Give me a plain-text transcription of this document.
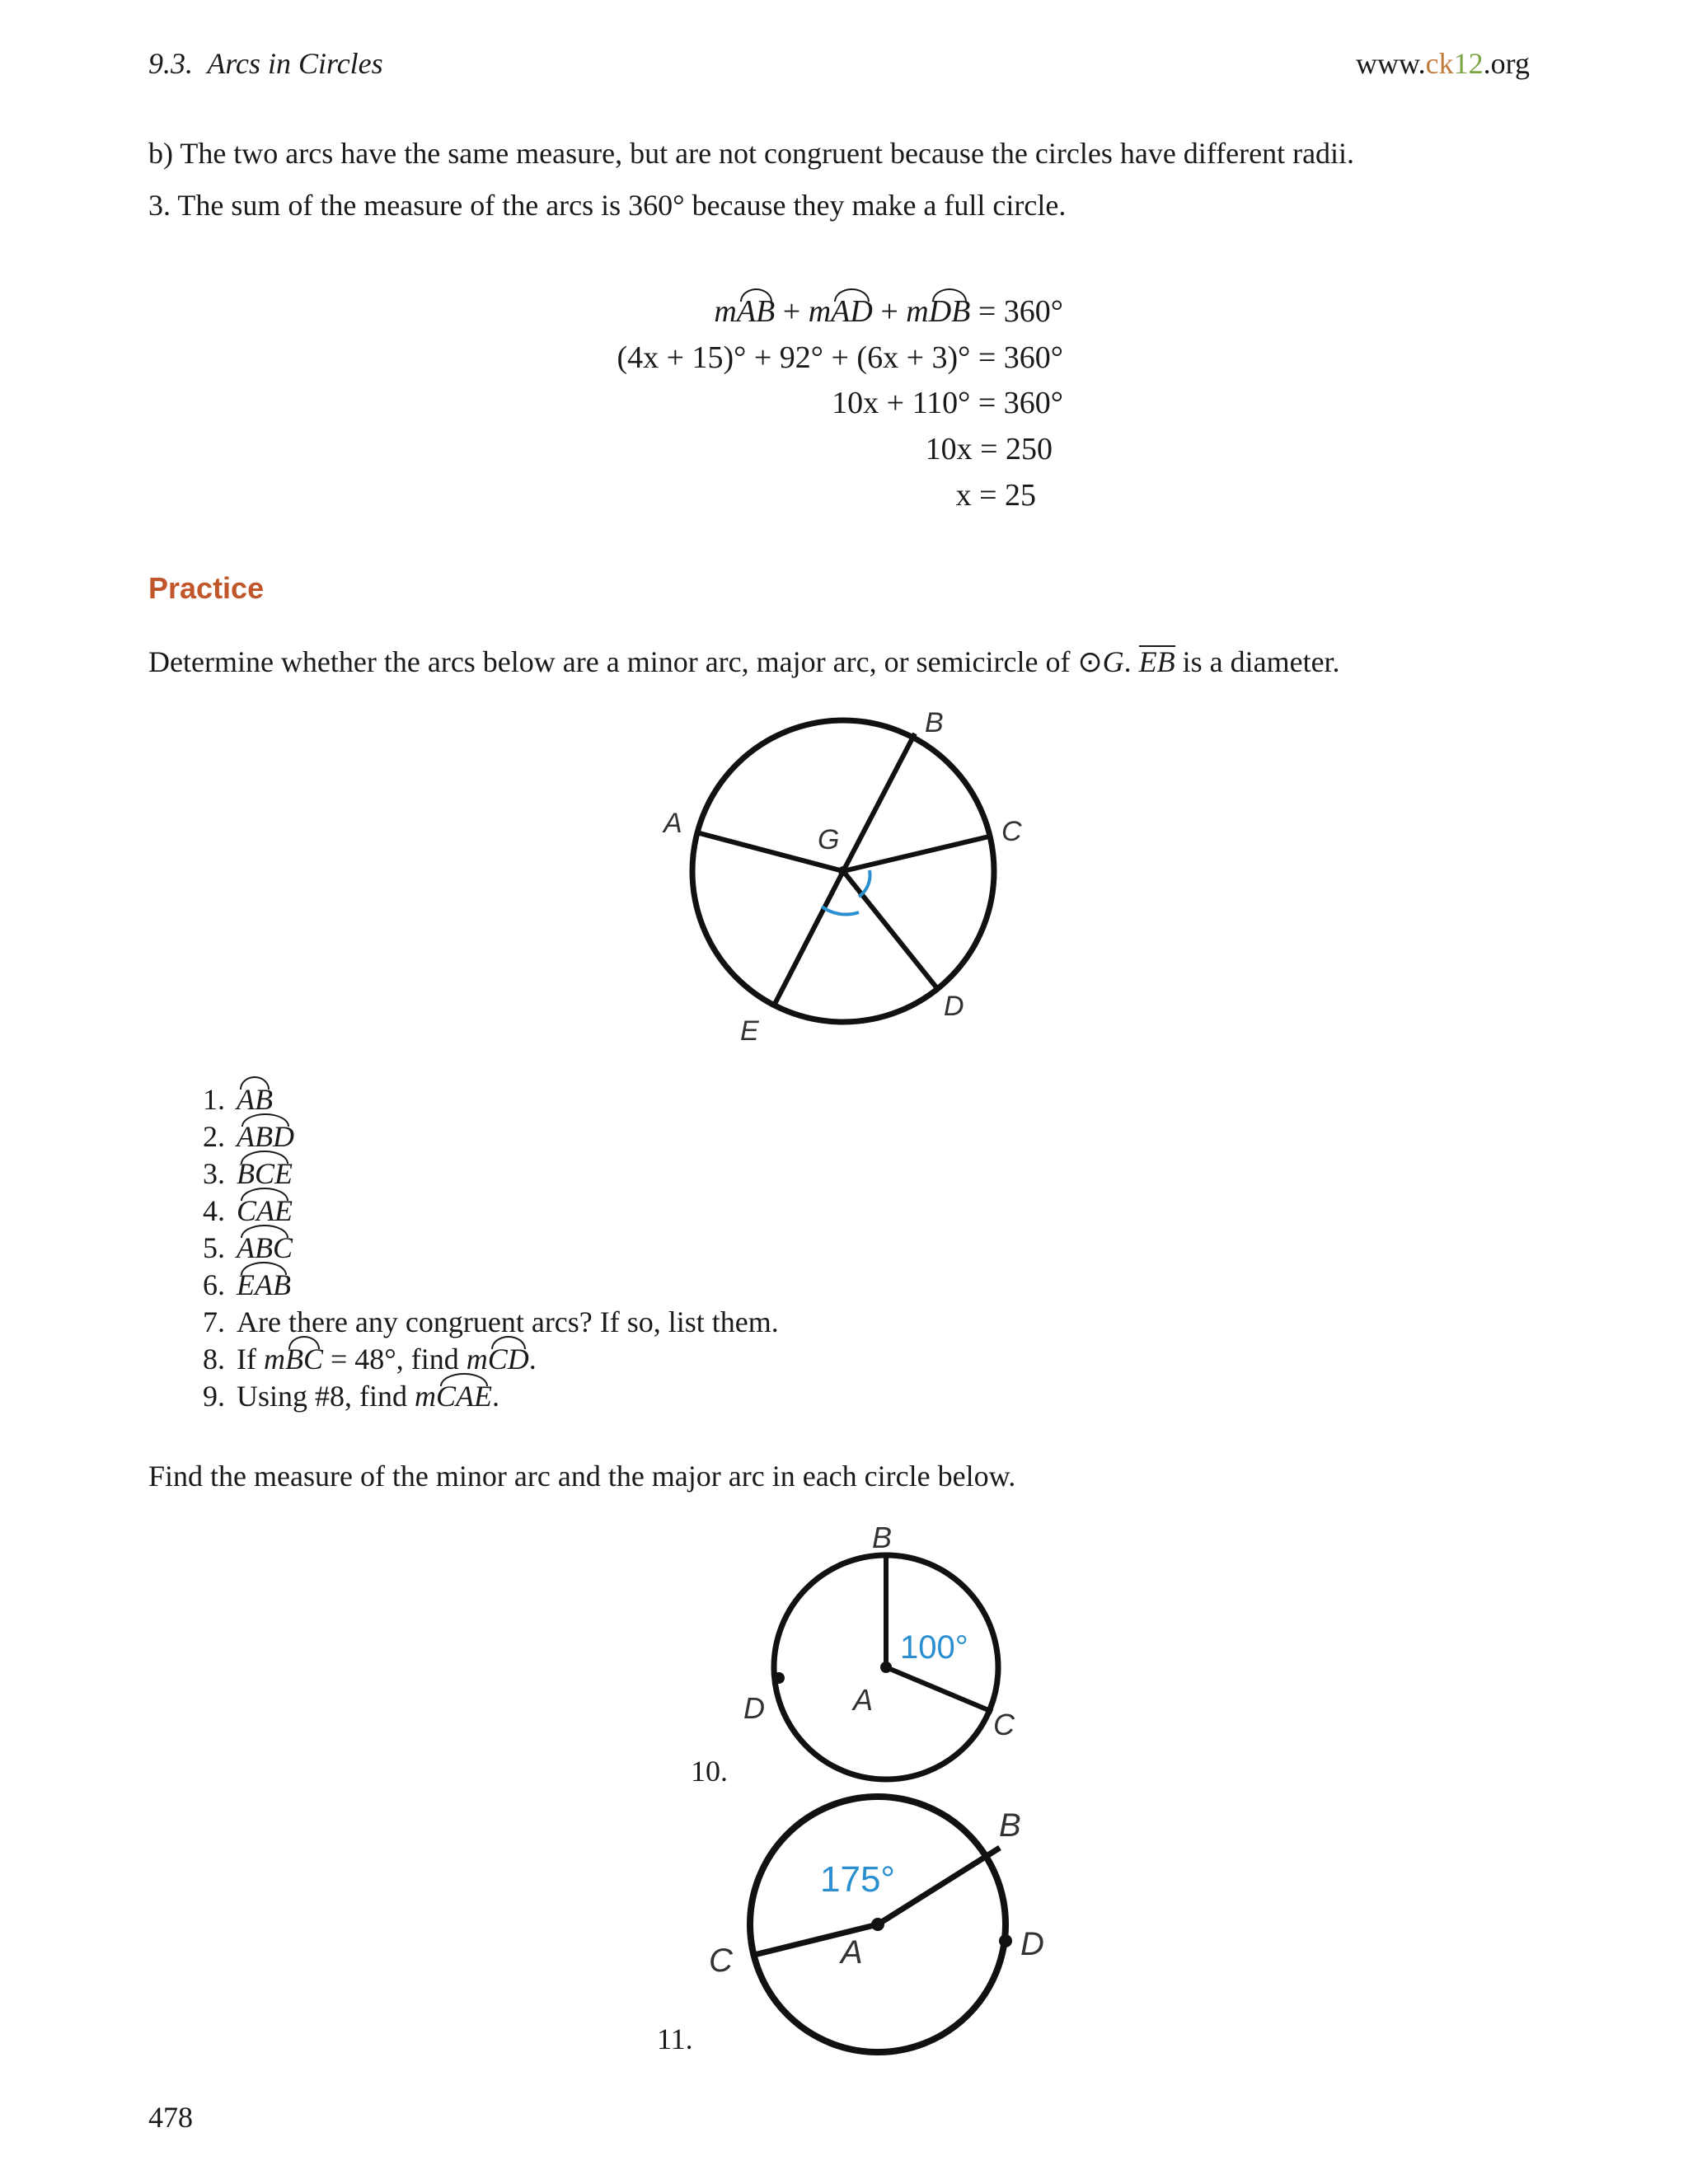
9.3. Arcs in Circles	www.ck12.org
b) The two arcs have the same measure, but are not congruent because the circles have different radii.
3. The sum of the measure of the arcs is 360° because they make a full circle.
mAB + mAD + mDB = 360°
(4x + 15)° + 92° + (6x + 3)° = 360°
10x + 110° = 360°
10x = 250
x = 25
Practice
Determine whether the arcs below are a minor arc, major arc, or semicircle of ⊙G. EB is a diameter.
B
A	C
G
D
E
1. AB
2. ABD
3. BCE
4. CAE
5. ABC
6. EAB
7. Are there any congruent arcs? If so, list them.
8. If mBC = 48°, find mCD.
9. Using #8, find mCAE.
Find the measure of the minor arc and the major arc in each circle below.
B
A
C
D
100°
10.
B
A	D
C
175°
11.
478
